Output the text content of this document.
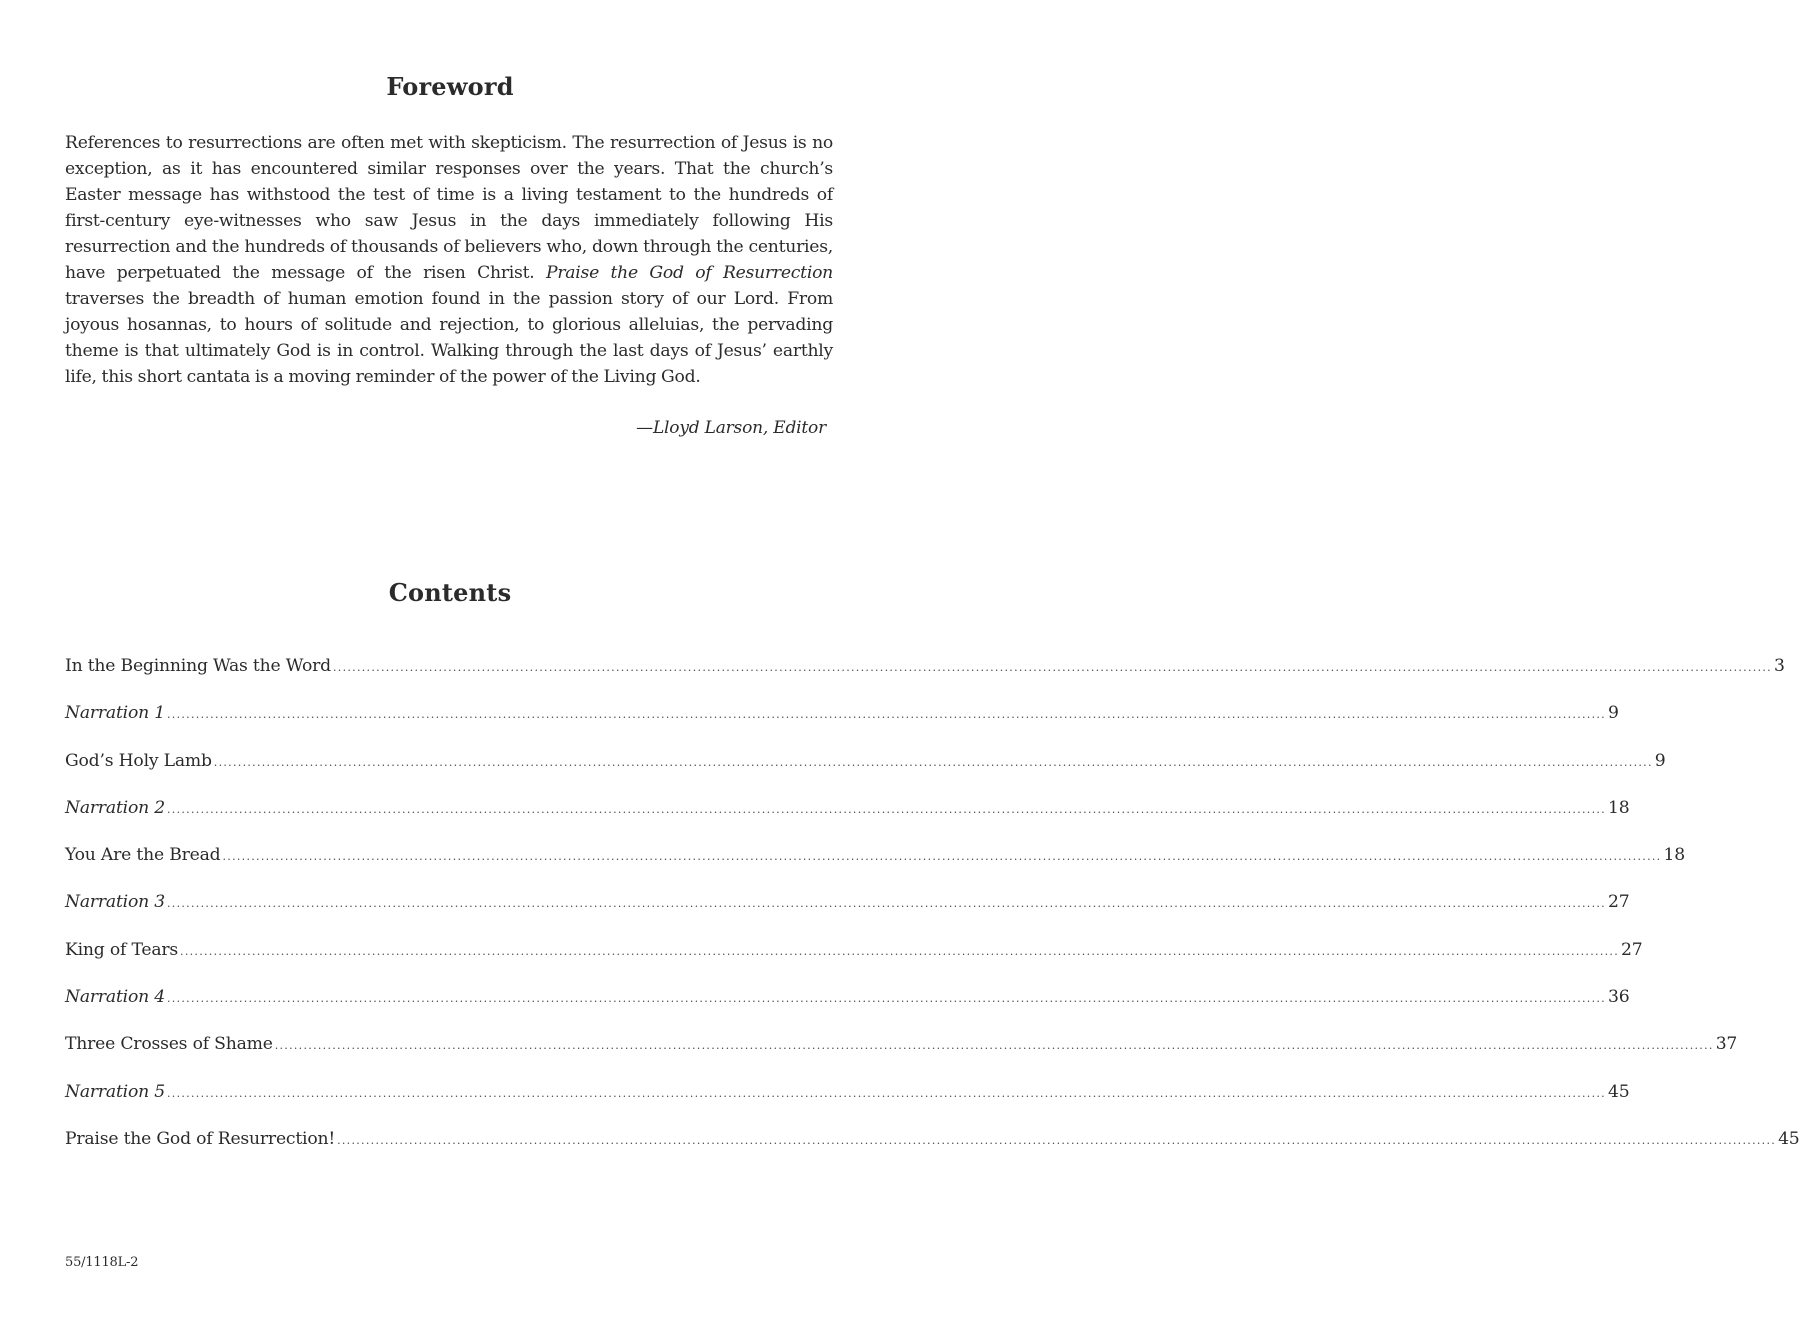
Foreword

References to resurrections are often met with skepticism. The resurrection of Jesus is no exception, as it has encountered similar responses over the years. That the church’s Easter message has withstood the test of time is a living testament to the hundreds of first-century eye-witnesses who saw Jesus in the days immediately following His resurrection and the hundreds of thousands of believers who, down through the centuries, have perpetuated the message of the risen Christ. Praise the God of Resurrection traverses the breadth of human emotion found in the passion story of our Lord. From joyous hosannas, to hours of solitude and rejection, to glorious alleluias, the pervading theme is that ultimately God is in control. Walking through the last days of Jesus’ earthly life, this short cantata is a moving reminder of the power of the Living God.

—Lloyd Larson, Editor

Contents
In the Beginning Was the Word ............................................................................................................................................................................................................................................................................................................ 3
Narration 1 ............................................................................................................................................................................................................................................................................................................ 9
God’s Holy Lamb ............................................................................................................................................................................................................................................................................................................ 9
Narration 2 ............................................................................................................................................................................................................................................................................................................ 18
You Are the Bread ............................................................................................................................................................................................................................................................................................................ 18
Narration 3 ............................................................................................................................................................................................................................................................................................................ 27
King of Tears ............................................................................................................................................................................................................................................................................................................ 27
Narration 4 ............................................................................................................................................................................................................................................................................................................ 36
Three Crosses of Shame ............................................................................................................................................................................................................................................................................................................ 37
Narration 5 ............................................................................................................................................................................................................................................................................................................ 45
Praise the God of Resurrection! ............................................................................................................................................................................................................................................................................................................ 45

55/1118L-2
